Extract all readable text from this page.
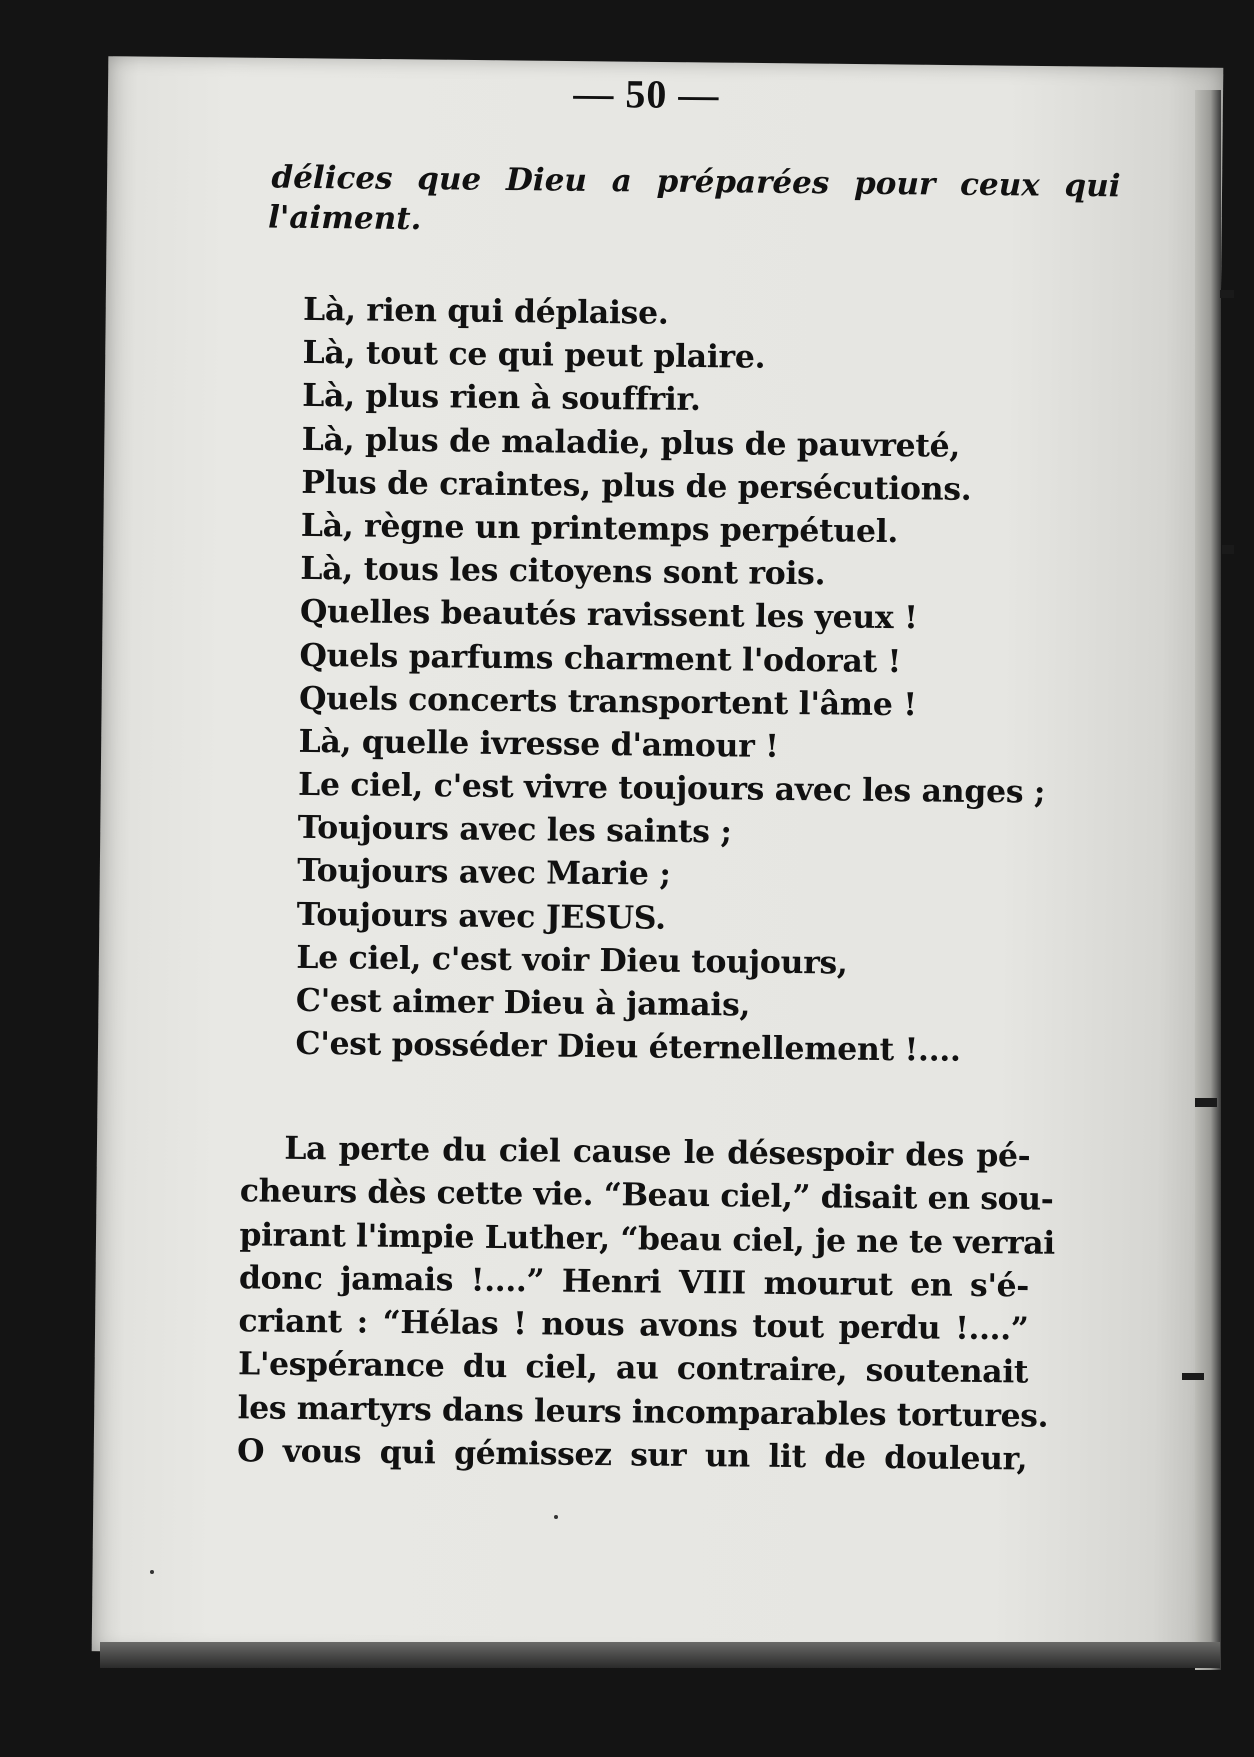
— 50 —
délices que Dieu a préparées pour ceux qui
l'aiment.
Là, rien qui déplaise.
Là, tout ce qui peut plaire.
Là, plus rien à souffrir.
Là, plus de maladie, plus de pauvreté,
Plus de craintes, plus de persécutions.
Là, règne un printemps perpétuel.
Là, tous les citoyens sont rois.
Quelles beautés ravissent les yeux !
Quels parfums charment l'odorat !
Quels concerts transportent l'âme !
Là, quelle ivresse d'amour !
Le ciel, c'est vivre toujours avec les anges ;
Toujours avec les saints ;
Toujours avec Marie ;
Toujours avec JESUS.
Le ciel, c'est voir Dieu toujours,
C'est aimer Dieu à jamais,
C'est posséder Dieu éternellement !....
La perte du ciel cause le désespoir des pé-
cheurs dès cette vie. “Beau ciel,” disait en sou-
pirant l'impie Luther, “beau ciel, je ne te verrai
donc jamais !....” Henri VIII mourut en s'é-
criant : “Hélas ! nous avons tout perdu !....”
L'espérance du ciel, au contraire, soutenait
les martyrs dans leurs incomparables tortures.
O vous qui gémissez sur un lit de douleur,
